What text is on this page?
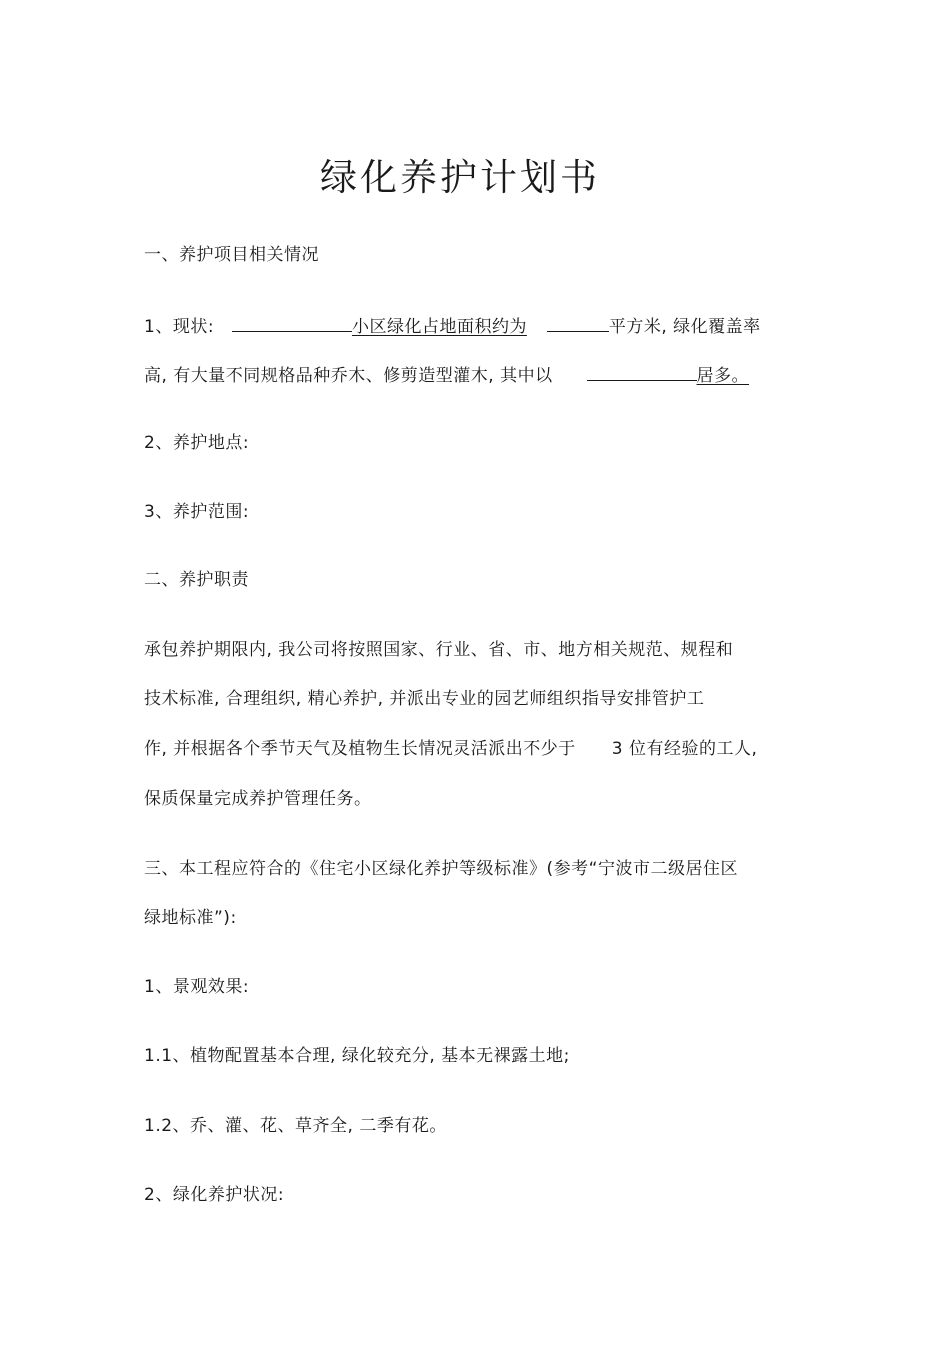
绿化养护计划书
一、养护项目相关情况
1、现状:	小区绿化占地面积约为	平方米, 绿化覆盖率
高, 有大量不同规格品种乔木、修剪造型灌木, 其中以	居多。
2、养护地点:
3、养护范围:
二、养护职责
承包养护期限内, 我公司将按照国家、行业、省、市、地方相关规范、规程和
技术标准, 合理组织, 精心养护, 并派出专业的园艺师组织指导安排管护工
作, 并根据各个季节天气及植物生长情况灵活派出不少于 3 位有经验的工人,
保质保量完成养护管理任务。
三、本工程应符合的《住宅小区绿化养护等级标准》(参考“宁波市二级居住区
绿地标准”):
1、景观效果:
1.1、植物配置基本合理, 绿化较充分, 基本无裸露土地;
1.2、乔、灌、花、草齐全, 二季有花。
2、绿化养护状况:
